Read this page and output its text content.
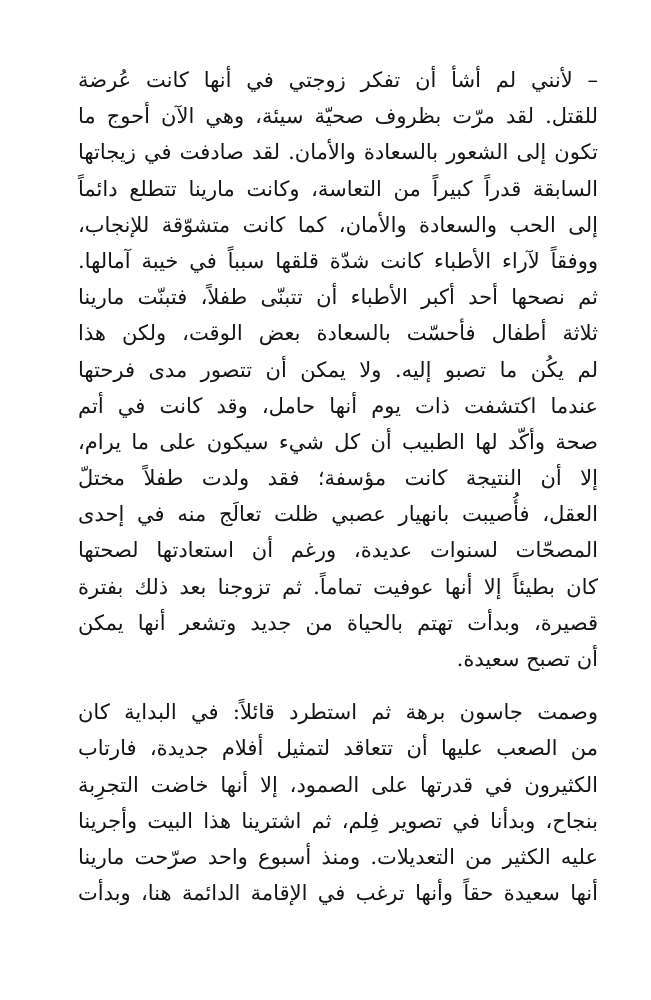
– لأنني لم أشأ أن تفكر زوجتي في أنها كانت عُرضة
للقتل. لقد مرّت بظروف صحيّة سيئة، وهي الآن أحوج ما
تكون إلى الشعور بالسعادة والأمان. لقد صادفت في زيجاتها
السابقة قدراً كبيراً من التعاسة، وكانت مارينا تتطلع دائماً
إلى الحب والسعادة والأمان، كما كانت متشوّقة للإنجاب،
ووفقاً لآراء الأطباء كانت شدّة قلقها سبباً في خيبة آمالها.
ثم نصحها أحد أكبر الأطباء أن تتبنّى طفلاً، فتبنّت مارينا
ثلاثة أطفال فأحسّت بالسعادة بعض الوقت، ولكن هذا
لم يكُن ما تصبو إليه. ولا يمكن أن تتصور مدى فرحتها
عندما اكتشفت ذات يوم أنها حامل، وقد كانت في أتم
صحة وأكّد لها الطبيب أن كل شيء سيكون على ما يرام،
إلا أن النتيجة كانت مؤسفة؛ فقد ولدت طفلاً مختلّ
العقل، فأُصيبت بانهيار عصبي ظلت تعالَج منه في إحدى
المصحّات لسنوات عديدة، ورغم أن استعادتها لصحتها
كان بطيئاً إلا أنها عوفيت تماماً. ثم تزوجنا بعد ذلك بفترة
قصيرة، وبدأت تهتم بالحياة من جديد وتشعر أنها يمكن
أن تصبح سعيدة.
وصمت جاسون برهة ثم استطرد قائلاً: في البداية كان
من الصعب عليها أن تتعاقد لتمثيل أفلام جديدة، فارتاب
الكثيرون في قدرتها على الصمود، إلا أنها خاضت التجرِبة
بنجاح، وبدأنا في تصوير فِلم، ثم اشترينا هذا البيت وأجرينا
عليه الكثير من التعديلات. ومنذ أسبوع واحد صرّحت مارينا
أنها سعيدة حقاً وأنها ترغب في الإقامة الدائمة هنا، وبدأت
